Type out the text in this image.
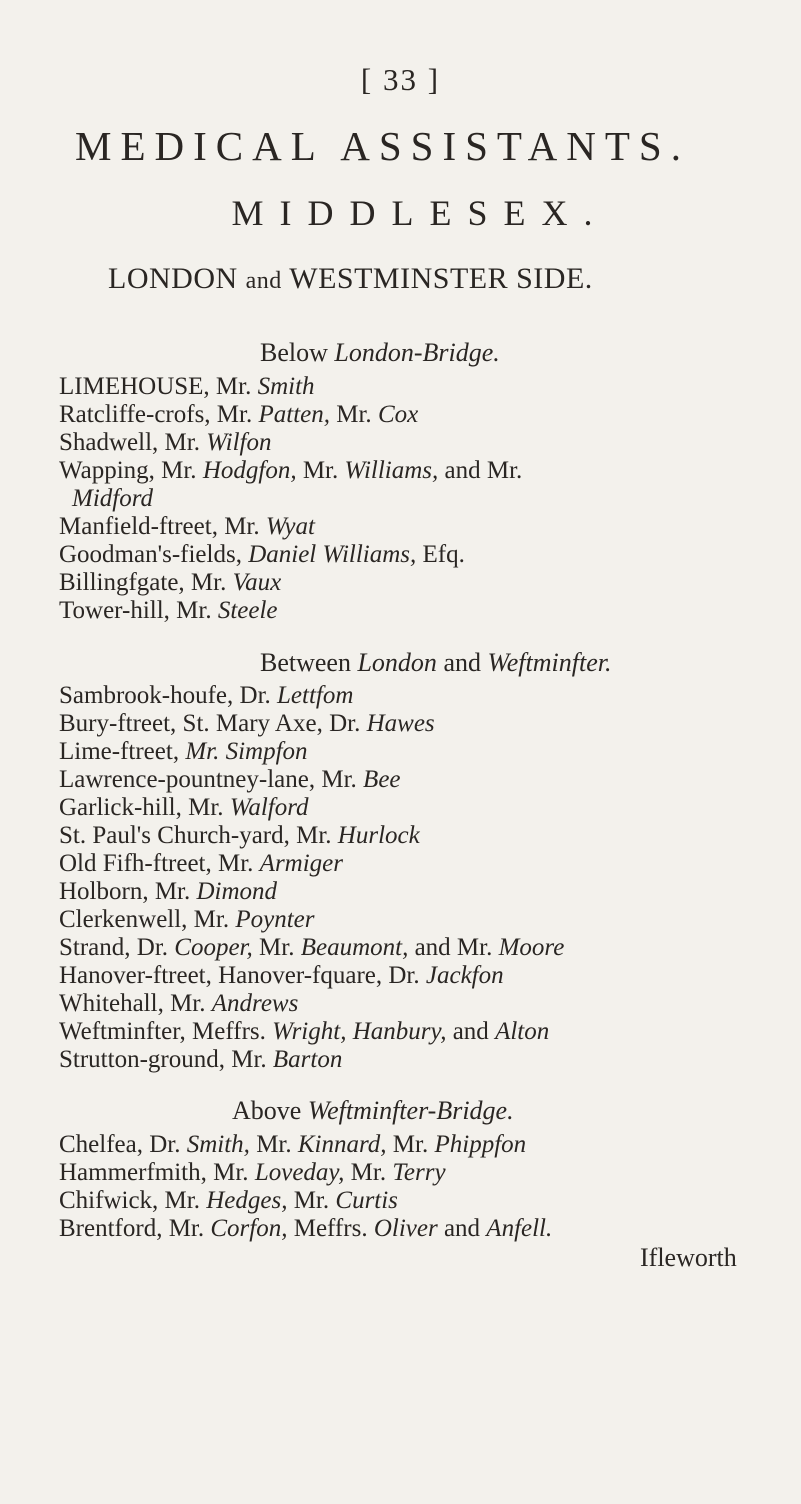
[ 33 ]
MEDICAL ASSISTANTS.
MIDDLESEX.
LONDON and WESTMINSTER SIDE.
Below London-Bridge.
LIMEHOUSE, Mr. Smith
Ratcliffe-crofs, Mr. Patten, Mr. Cox
Shadwell, Mr. Wilfon
Wapping, Mr. Hodgfon, Mr. Williams, and Mr.
Midford
Manfield-ftreet, Mr. Wyat
Goodman's-fields, Daniel Williams, Efq.
Billingfgate, Mr. Vaux
Tower-hill, Mr. Steele
Between London and Weftminfter.
Sambrook-houfe, Dr. Lettfom
Bury-ftreet, St. Mary Axe, Dr. Hawes
Lime-ftreet, Mr. Simpfon
Lawrence-pountney-lane, Mr. Bee
Garlick-hill, Mr. Walford
St. Paul's Church-yard, Mr. Hurlock
Old Fifh-ftreet, Mr. Armiger
Holborn, Mr. Dimond
Clerkenwell, Mr. Poynter
Strand, Dr. Cooper, Mr. Beaumont, and Mr. Moore
Hanover-ftreet, Hanover-fquare, Dr. Jackfon
Whitehall, Mr. Andrews
Weftminfter, Meffrs. Wright, Hanbury, and Alton
Strutton-ground, Mr. Barton
Above Weftminfter-Bridge.
Chelfea, Dr. Smith, Mr. Kinnard, Mr. Phippfon
Hammerfmith, Mr. Loveday, Mr. Terry
Chifwick, Mr. Hedges, Mr. Curtis
Brentford, Mr. Corfon, Meffrs. Oliver and Anfell.
Ifleworth
